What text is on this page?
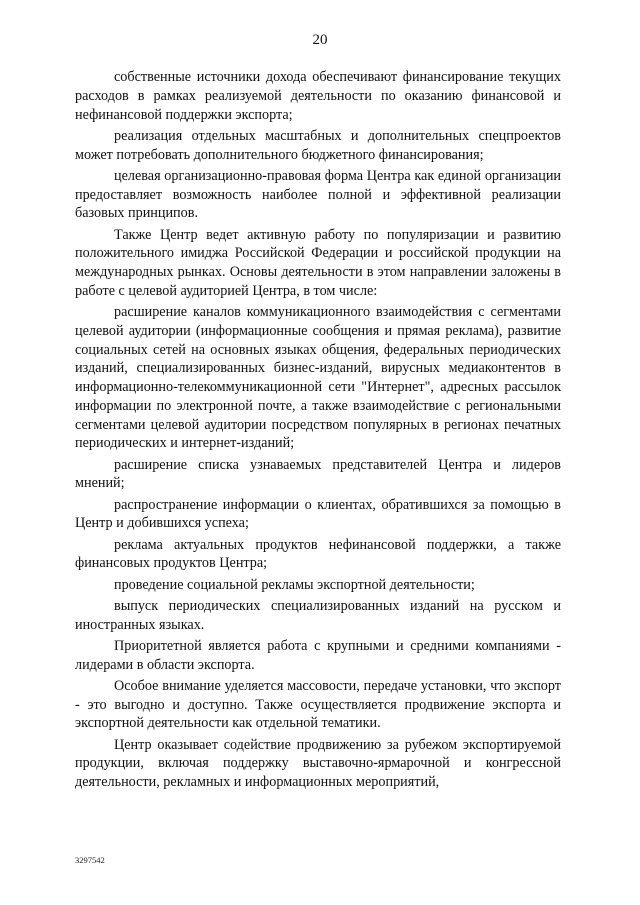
20

собственные источники дохода обеспечивают финансирование текущих расходов в рамках реализуемой деятельности по оказанию финансовой и нефинансовой поддержки экспорта;

реализация отдельных масштабных и дополнительных спецпроектов может потребовать дополнительного бюджетного финансирования;

целевая организационно-правовая форма Центра как единой организации предоставляет возможность наиболее полной и эффективной реализации базовых принципов.

Также Центр ведет активную работу по популяризации и развитию положительного имиджа Российской Федерации и российской продукции на международных рынках. Основы деятельности в этом направлении заложены в работе с целевой аудиторией Центра, в том числе:

расширение каналов коммуникационного взаимодействия с сегментами целевой аудитории (информационные сообщения и прямая реклама), развитие социальных сетей на основных языках общения, федеральных периодических изданий, специализированных бизнес-изданий, вирусных медиаконтентов в информационно-телекоммуникационной сети "Интернет", адресных рассылок информации по электронной почте, а также взаимодействие с региональными сегментами целевой аудитории посредством популярных в регионах печатных периодических и интернет-изданий;

расширение списка узнаваемых представителей Центра и лидеров мнений;

распространение информации о клиентах, обратившихся за помощью в Центр и добившихся успеха;

реклама актуальных продуктов нефинансовой поддержки, а также финансовых продуктов Центра;

проведение социальной рекламы экспортной деятельности;

выпуск периодических специализированных изданий на русском и иностранных языках.

Приоритетной является работа с крупными и средними компаниями - лидерами в области экспорта.

Особое внимание уделяется массовости, передаче установки, что экспорт - это выгодно и доступно. Также осуществляется продвижение экспорта и экспортной деятельности как отдельной тематики.

Центр оказывает содействие продвижению за рубежом экспортируемой продукции, включая поддержку выставочно-ярмарочной и конгрессной деятельности, рекламных и информационных мероприятий,

3297542
